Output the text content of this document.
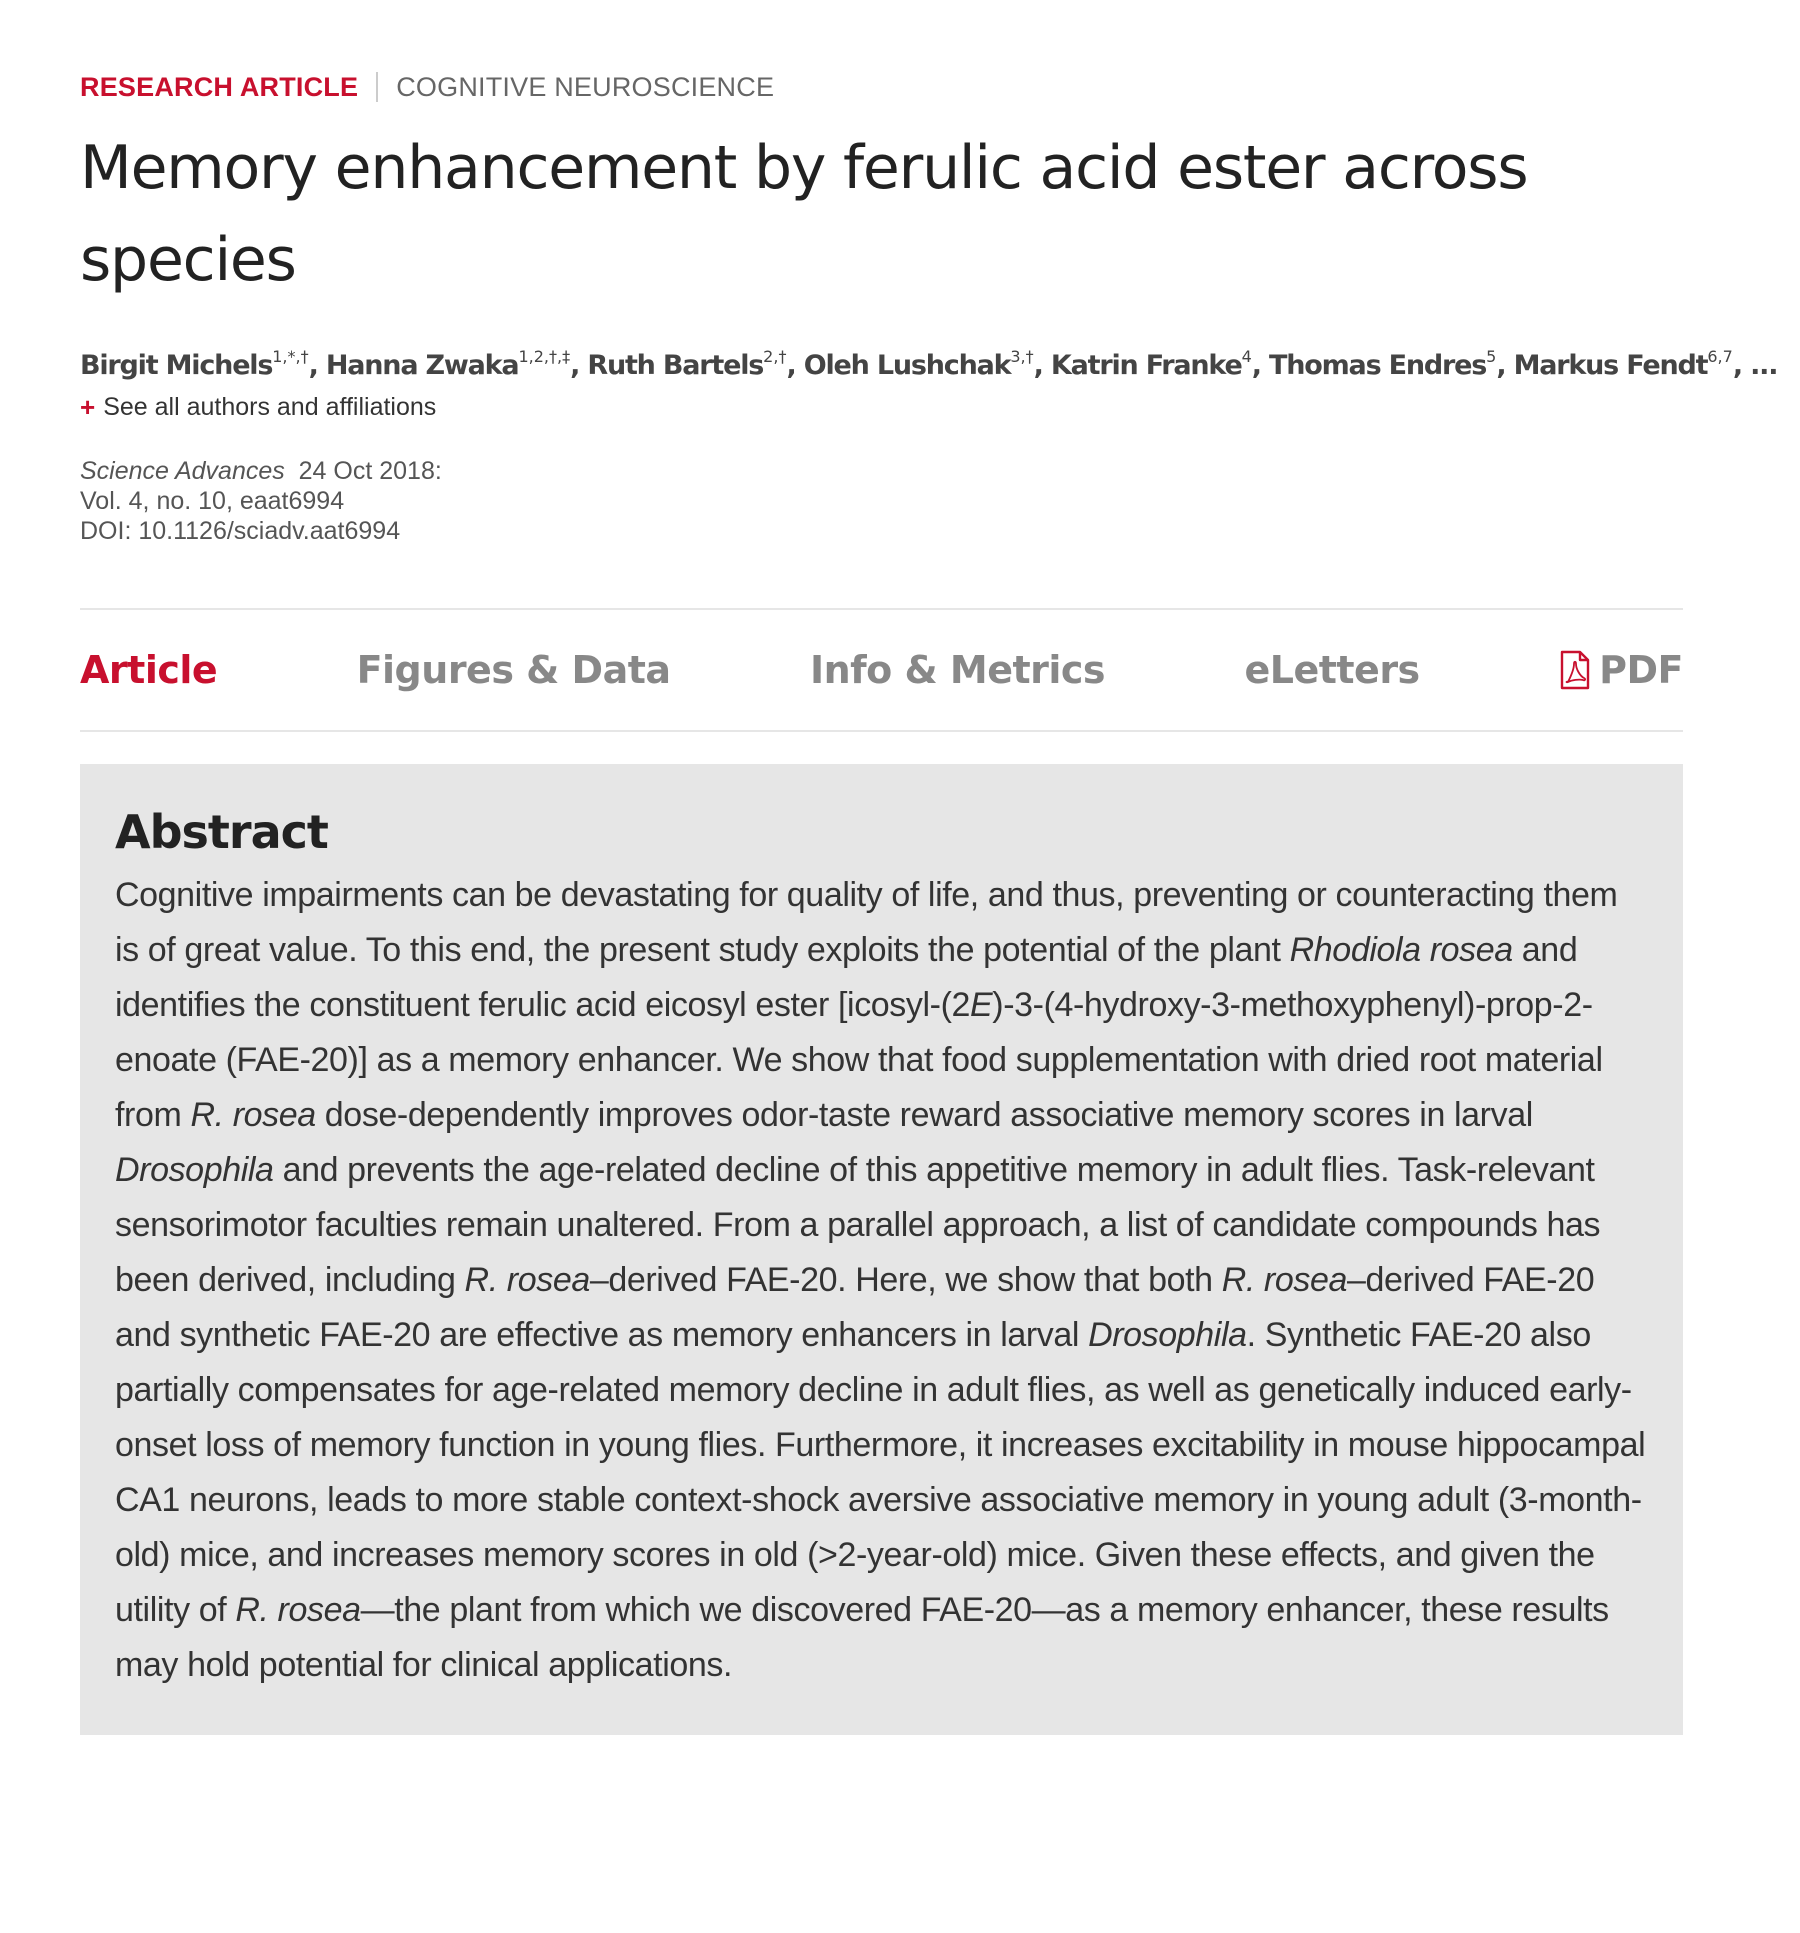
RESEARCH ARTICLE COGNITIVE NEUROSCIENCE
Memory enhancement by ferulic acid ester across species
Birgit Michels$^{1,*,\dagger}$, Hanna Zwaka$^{1,2,\dagger,\ddagger}$, Ruth Bartels$^{2,\dagger}$, Oleh Lushchak$^{3,\dagger}$, Katrin Franke$^4$, Thomas Endres$^5$, Markus Fendt$^{6,7}$, ...
+ See all authors and affiliations
Science Advances 24 Oct 2018:
Vol. 4, no. 10, eaat6994
DOI: 10.1126/sciadv.aat6994
Article	Figures & Data	Info & Metrics	eLetters	PDF
Abstract

Cognitive impairments can be devastating for quality of life, and thus, preventing or counteracting them is of great value. To this end, the present study exploits the potential of the plant Rhodiola rosea and identifies the constituent ferulic acid eicosyl ester [icosyl-(2E)-3-(4-hydroxy-3-methoxyphenyl)-prop-2-enoate (FAE-20)] as a memory enhancer. We show that food supplementation with dried root material from R. rosea dose-dependently improves odor-taste reward associative memory scores in larval Drosophila and prevents the age-related decline of this appetitive memory in adult flies. Task-relevant sensorimotor faculties remain unaltered. From a parallel approach, a list of candidate compounds has been derived, including R. rosea–derived FAE-20. Here, we show that both R. rosea–derived FAE-20 and synthetic FAE-20 are effective as memory enhancers in larval Drosophila. Synthetic FAE-20 also partially compensates for age-related memory decline in adult flies, as well as genetically induced early-onset loss of memory function in young flies. Furthermore, it increases excitability in mouse hippocampal CA1 neurons, leads to more stable context-shock aversive associative memory in young adult (3-month-old) mice, and increases memory scores in old (>2-year-old) mice. Given these effects, and given the utility of R. rosea—the plant from which we discovered FAE-20—as a memory enhancer, these results may hold potential for clinical applications.
